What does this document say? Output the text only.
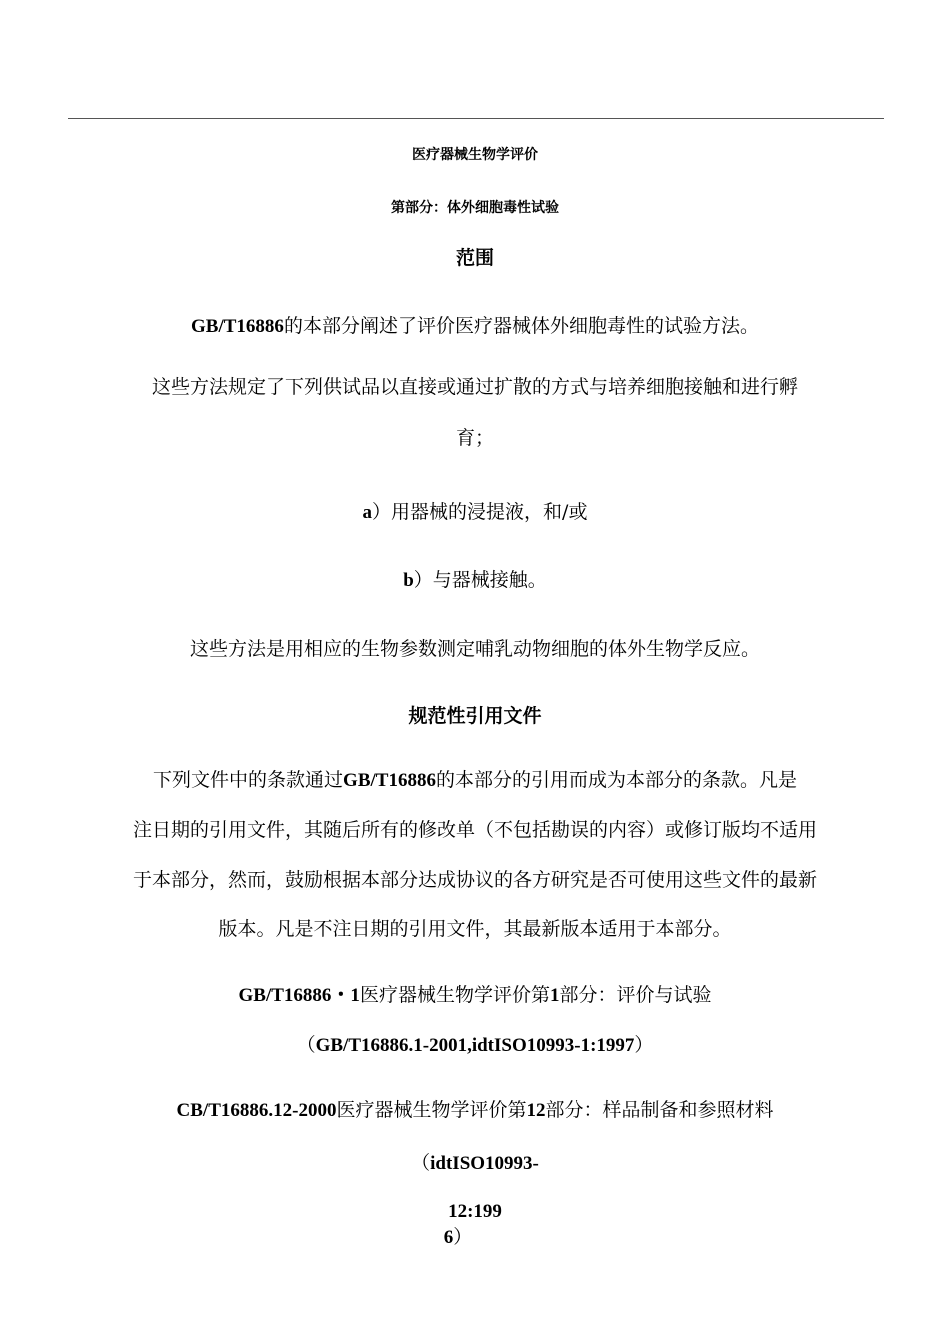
医疗器械生物学评价
第部分：体外细胞毒性试验
范围
GB/T16886的本部分阐述了评价医疗器械体外细胞毒性的试验方法。
这些方法规定了下列供试品以直接或通过扩散的方式与培养细胞接触和进行孵
育；
a）用器械的浸提液，和/或
b）与器械接触。
这些方法是用相应的生物参数测定哺乳动物细胞的体外生物学反应。
规范性引用文件
下列文件中的条款通过GB/T16886的本部分的引用而成为本部分的条款。凡是
注日期的引用文件，其随后所有的修改单（不包括勘误的内容）或修订版均不适用
于本部分，然而，鼓励根据本部分达成协议的各方研究是否可使用这些文件的最新
版本。凡是不注日期的引用文件，其最新版本适用于本部分。
GB/T16886・1医疗器械生物学评价第1部分：评价与试验
（GB/T16886.1-2001,idtISO10993-1:1997）
CB/T16886.12-2000医疗器械生物学评价第12部分：样品制备和参照材料
（idtISO10993-
12:199
6）
